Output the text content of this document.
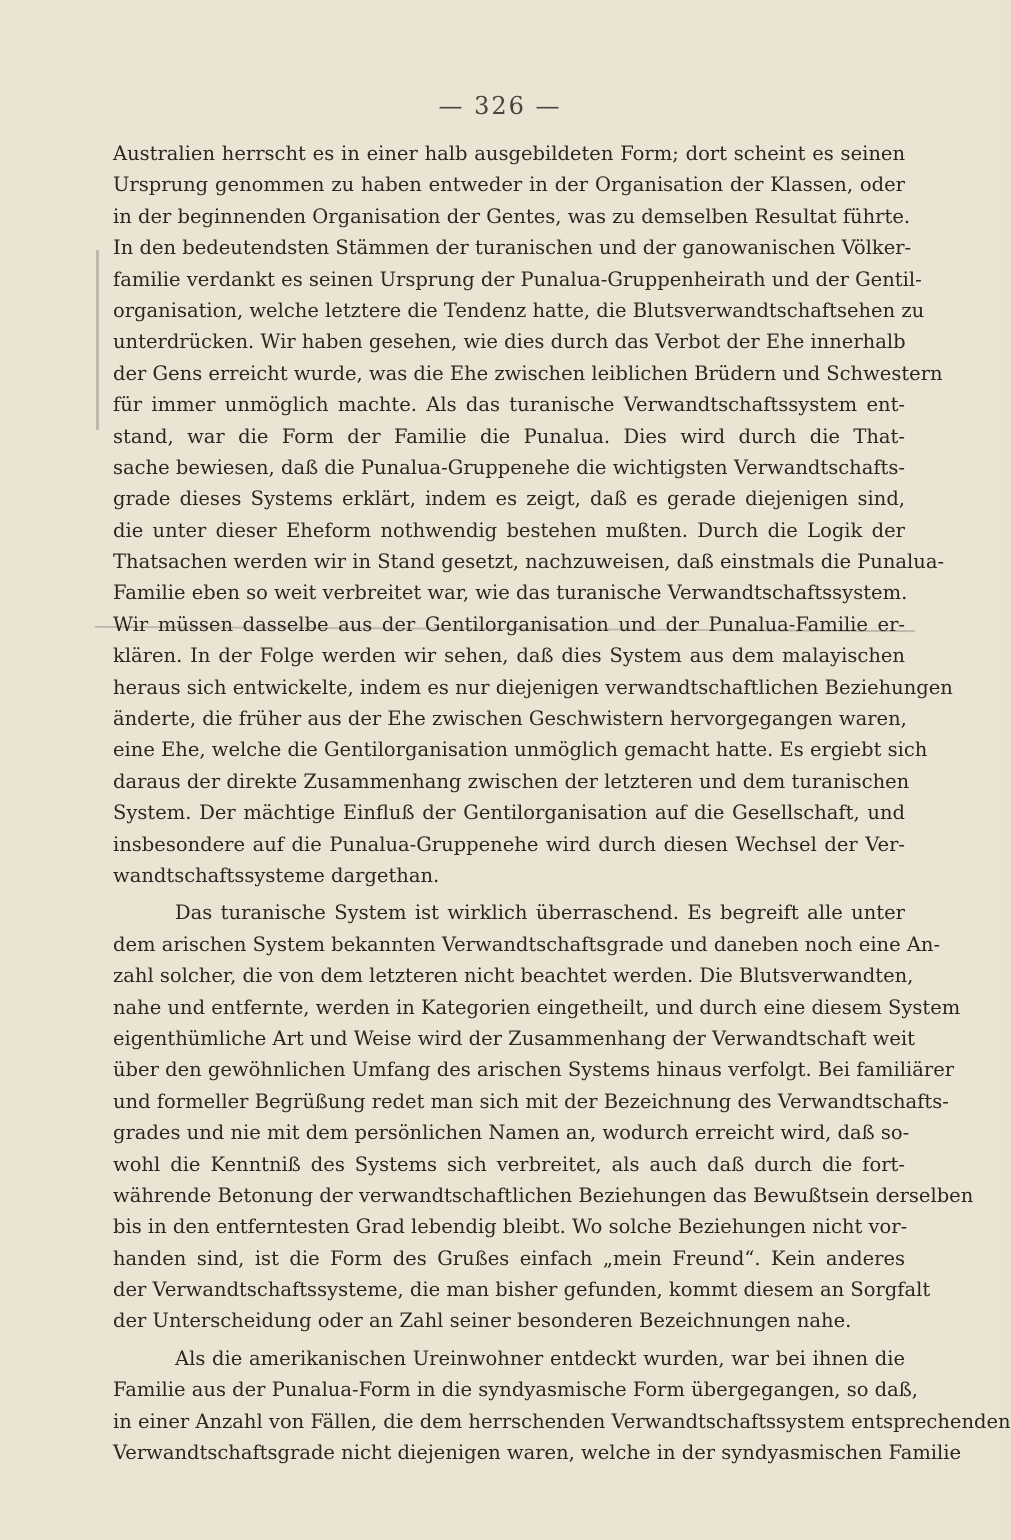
— 326 —
Australien herrscht es in einer halb ausgebildeten Form; dort scheint es seinen
Ursprung genommen zu haben entweder in der Organisation der Klassen, oder
in der beginnenden Organisation der Gentes, was zu demselben Resultat führte.
In den bedeutendsten Stämmen der turanischen und der ganowanischen Völker-
familie verdankt es seinen Ursprung der Punalua-Gruppenheirath und der Gentil-
organisation, welche letztere die Tendenz hatte, die Blutsverwandtschaftsehen zu
unterdrücken. Wir haben gesehen, wie dies durch das Verbot der Ehe innerhalb
der Gens erreicht wurde, was die Ehe zwischen leiblichen Brüdern und Schwestern
für immer unmöglich machte. Als das turanische Verwandtschaftssystem ent-
stand, war die Form der Familie die Punalua. Dies wird durch die That-
sache bewiesen, daß die Punalua-Gruppenehe die wichtigsten Verwandtschafts-
grade dieses Systems erklärt, indem es zeigt, daß es gerade diejenigen sind,
die unter dieser Eheform nothwendig bestehen mußten. Durch die Logik der
Thatsachen werden wir in Stand gesetzt, nachzuweisen, daß einstmals die Punalua-
Familie eben so weit verbreitet war, wie das turanische Verwandtschaftssystem.
Wir müssen dasselbe aus der Gentilorganisation und der Punalua-Familie er-
klären. In der Folge werden wir sehen, daß dies System aus dem malayischen
heraus sich entwickelte, indem es nur diejenigen verwandtschaftlichen Beziehungen
änderte, die früher aus der Ehe zwischen Geschwistern hervorgegangen waren,
eine Ehe, welche die Gentilorganisation unmöglich gemacht hatte. Es ergiebt sich
daraus der direkte Zusammenhang zwischen der letzteren und dem turanischen
System. Der mächtige Einfluß der Gentilorganisation auf die Gesellschaft, und
insbesondere auf die Punalua-Gruppenehe wird durch diesen Wechsel der Ver-
wandtschaftssysteme dargethan.
Das turanische System ist wirklich überraschend. Es begreift alle unter
dem arischen System bekannten Verwandtschaftsgrade und daneben noch eine An-
zahl solcher, die von dem letzteren nicht beachtet werden. Die Blutsverwandten,
nahe und entfernte, werden in Kategorien eingetheilt, und durch eine diesem System
eigenthümliche Art und Weise wird der Zusammenhang der Verwandtschaft weit
über den gewöhnlichen Umfang des arischen Systems hinaus verfolgt. Bei familiärer
und formeller Begrüßung redet man sich mit der Bezeichnung des Verwandtschafts-
grades und nie mit dem persönlichen Namen an, wodurch erreicht wird, daß so-
wohl die Kenntniß des Systems sich verbreitet, als auch daß durch die fort-
währende Betonung der verwandtschaftlichen Beziehungen das Bewußtsein derselben
bis in den entferntesten Grad lebendig bleibt. Wo solche Beziehungen nicht vor-
handen sind, ist die Form des Grußes einfach „mein Freund“. Kein anderes
der Verwandtschaftssysteme, die man bisher gefunden, kommt diesem an Sorgfalt
der Unterscheidung oder an Zahl seiner besonderen Bezeichnungen nahe.
Als die amerikanischen Ureinwohner entdeckt wurden, war bei ihnen die
Familie aus der Punalua-Form in die syndyasmische Form übergegangen, so daß,
in einer Anzahl von Fällen, die dem herrschenden Verwandtschaftssystem entsprechenden
Verwandtschaftsgrade nicht diejenigen waren, welche in der syndyasmischen Familie
